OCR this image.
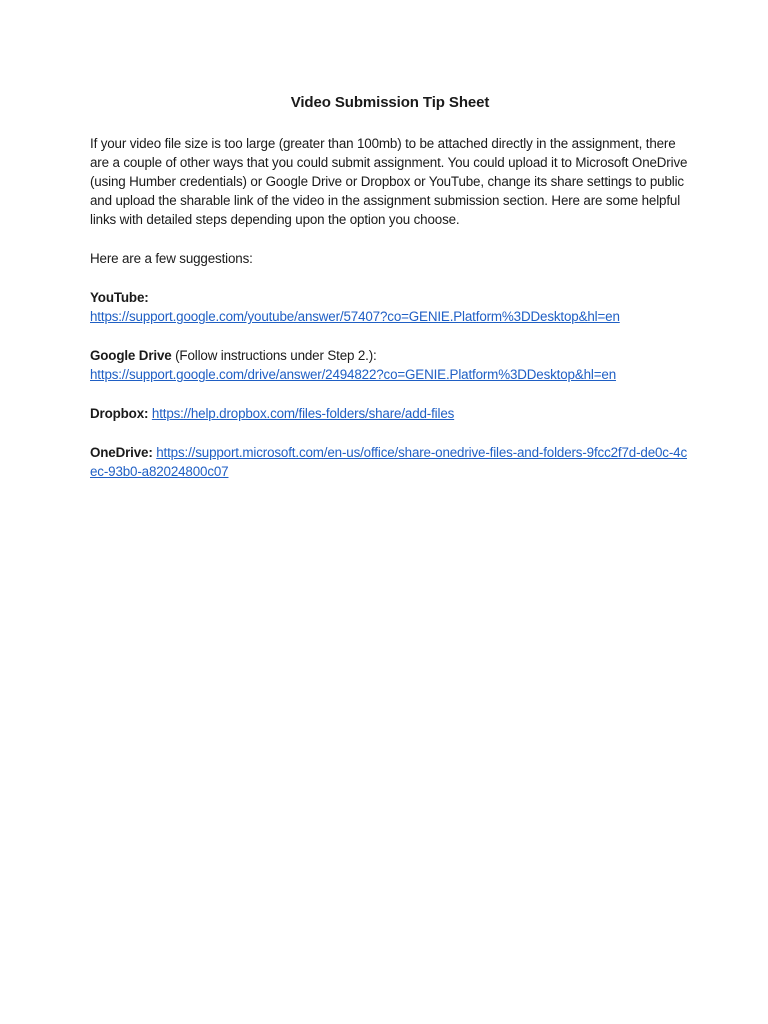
Video Submission Tip Sheet

If your video file size is too large (greater than 100mb) to be attached directly in the assignment, there are a couple of other ways that you could submit assignment. You could upload it to Microsoft OneDrive (using Humber credentials) or Google Drive or Dropbox or YouTube, change its share settings to public and upload the sharable link of the video in the assignment submission section. Here are some helpful links with detailed steps depending upon the option you choose.

Here are a few suggestions:

YouTube:
https://support.google.com/youtube/answer/57407?co=GENIE.Platform%3DDesktop&hl=en
Google Drive (Follow instructions under Step 2.):
https://support.google.com/drive/answer/2494822?co=GENIE.Platform%3DDesktop&hl=en
Dropbox: https://help.dropbox.com/files-folders/share/add-files
OneDrive: https://support.microsoft.com/en-us/office/share-onedrive-files-and-folders-9fcc2f7d-de0c-4cec-93b0-a82024800c07
